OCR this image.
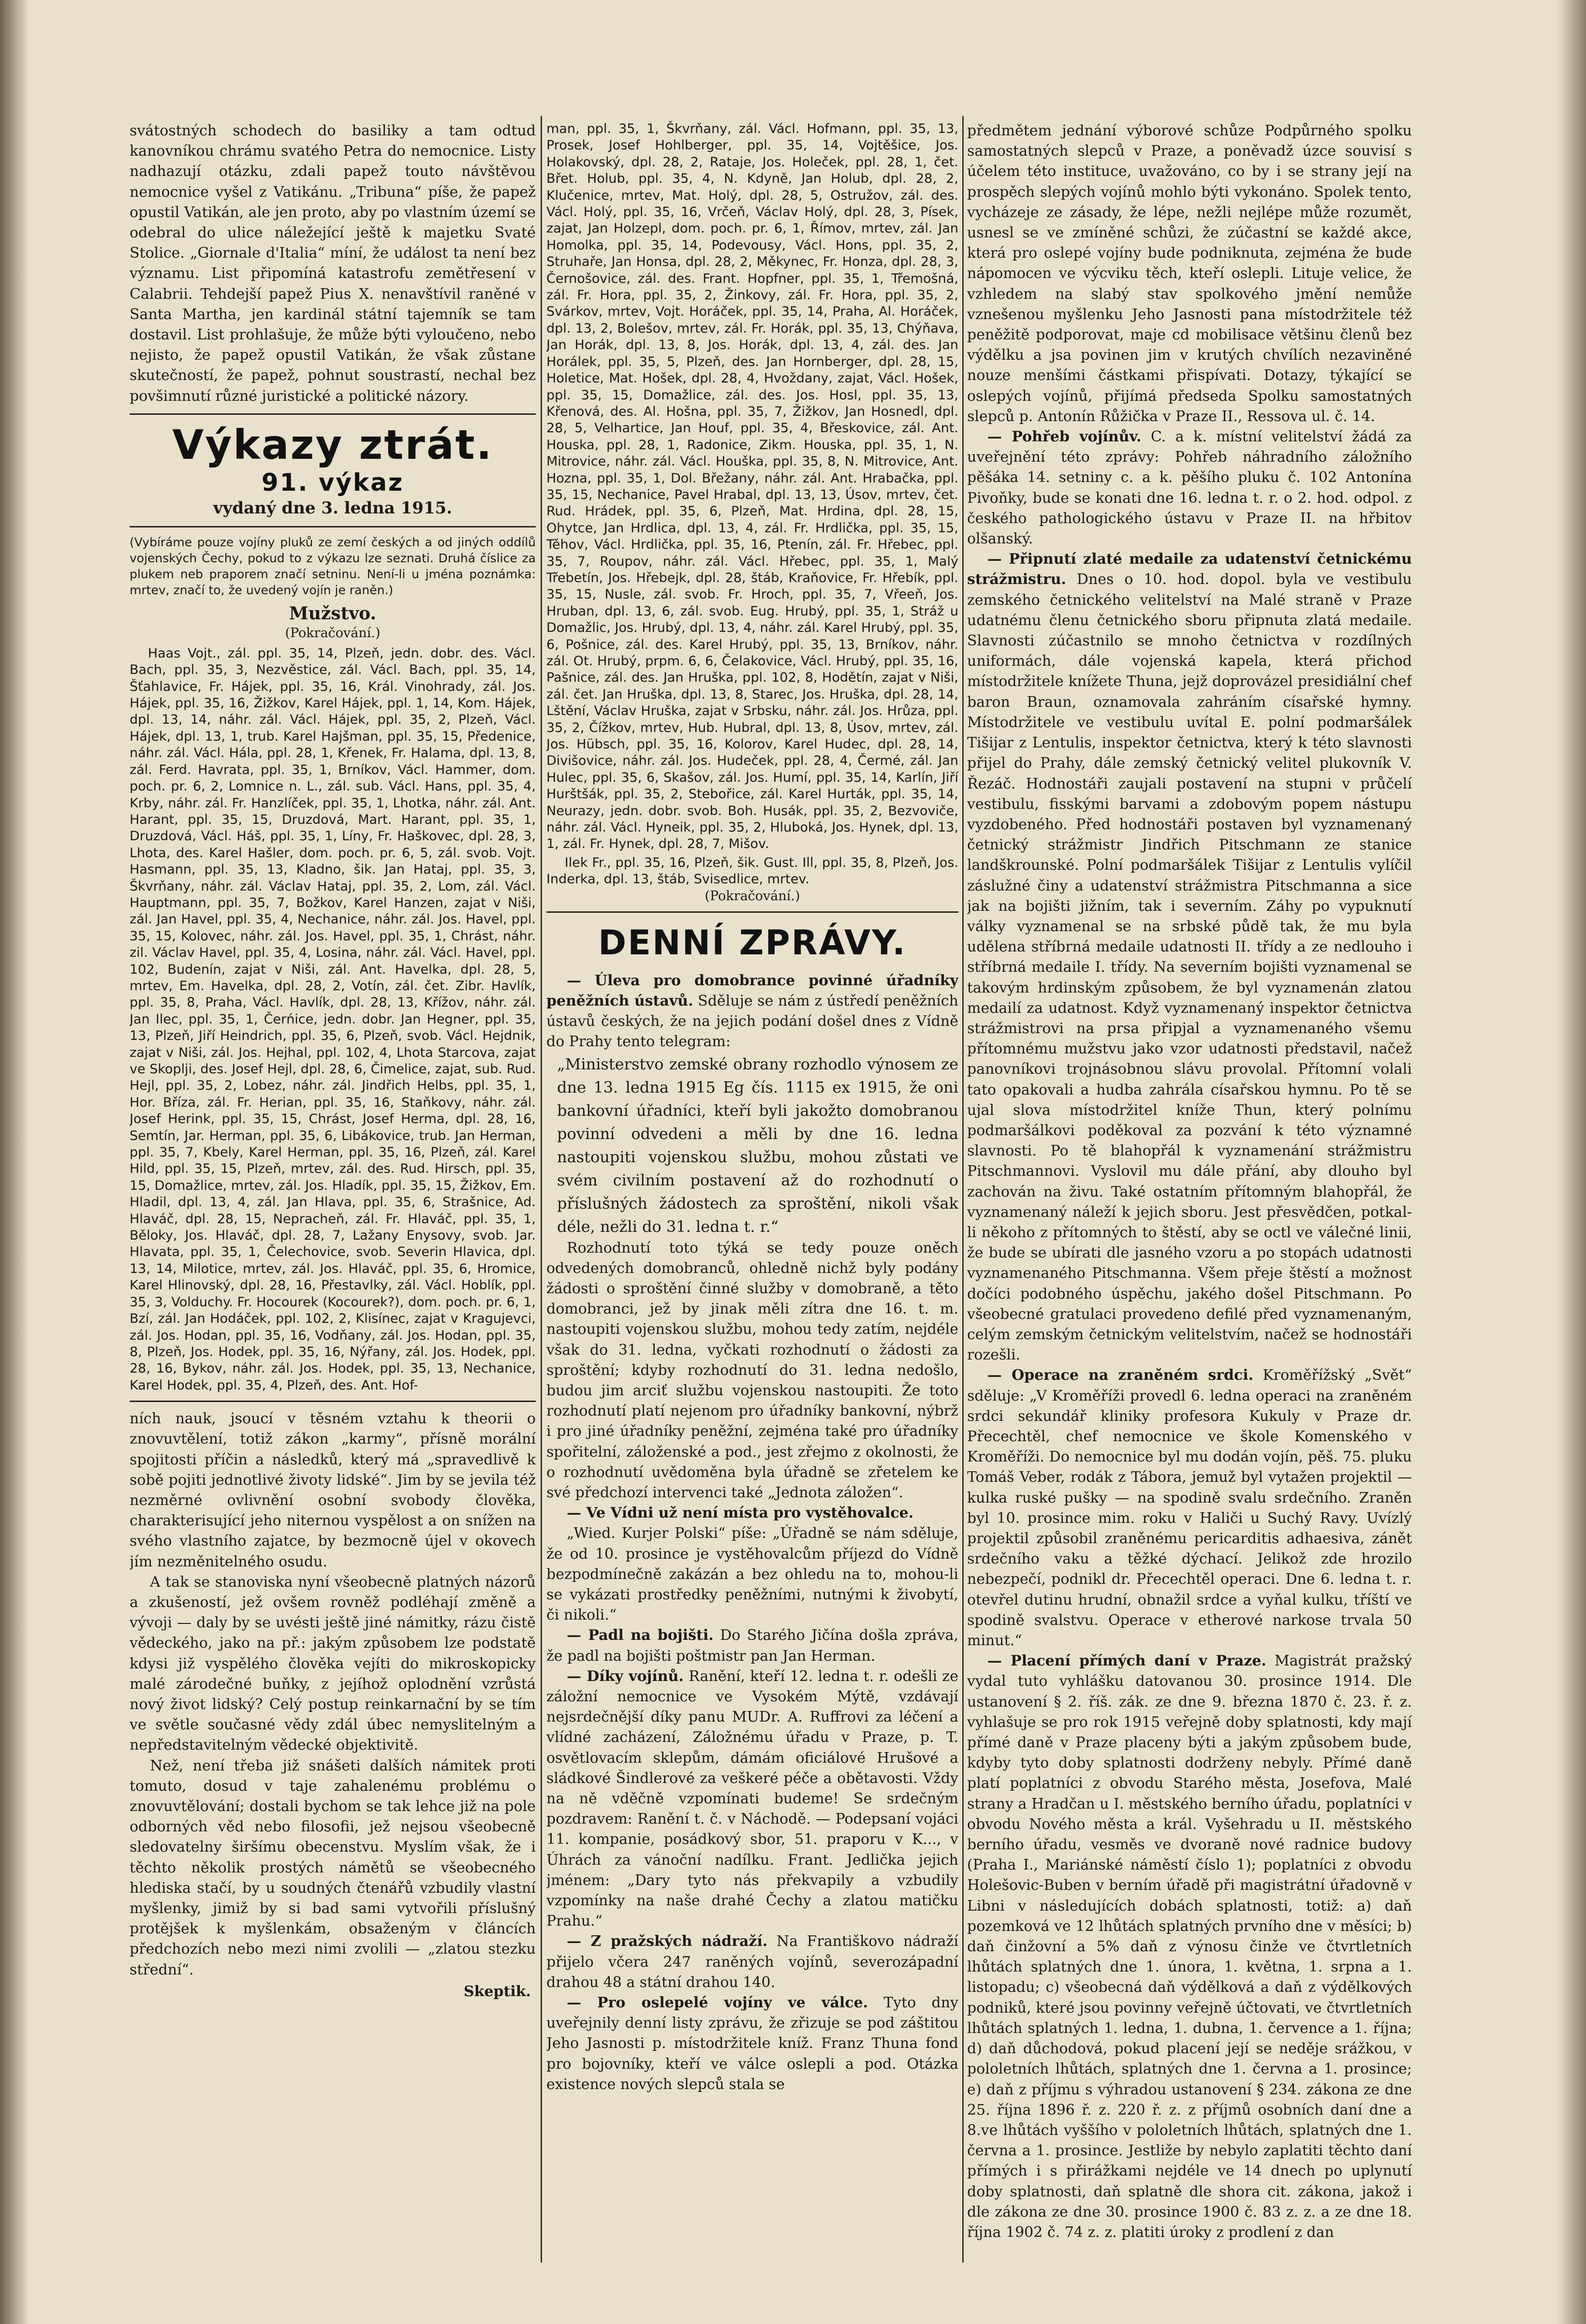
svátostných schodech do basiliky a tam odtud kanovníkou chrámu svatého Petra do nemocnice. Listy nadhazují otázku, zdali papež touto návštěvou nemocnice vyšel z Vatikánu. „Tribuna“ píše, že papež opustil Vatikán, ale jen proto, aby po vlastním území se odebral do ulice náležející ještě k majetku Svaté Stolice. „Giornale d'Italia“ míní, že událost ta není bez významu. List připomíná katastrofu zemětřesení v Calabrii. Tehdejší papež Pius X. nenavštívil raněné v Santa Martha, jen kardinál státní tajemník se tam dostavil. List prohlašuje, že může býti vyloučeno, nebo nejisto, že papež opustil Vatikán, že však zůstane skutečností, že papež, pohnut soustrastí, nechal bez povšimnutí různé juristické a politické názory.

Výkazy ztrát.
91. výkaz
vydaný dne 3. ledna 1915.

(Vybíráme pouze vojíny pluků ze zemí českých a od jiných oddílů vojenských Čechy, pokud to z výkazu lze seznati. Druhá číslice za plukem neb praporem značí setninu. Není-li u jména poznámka: mrtev, značí to, že uvedený vojín je raněn.)

Mužstvo.
(Pokračování.)

Haas Vojt., zál. ppl. 35, 14, Plzeň, jedn. dobr. des. Václ. Bach, ppl. 35, 3, Nezvěstice, zál. Václ. Bach, ppl. 35, 14, Šťahlavice, Fr. Hájek, ppl. 35, 16, Král. Vinohrady, zál. Jos. Hájek, ppl. 35, 16, Žižkov, Karel Hájek, ppl. 1, 14, Kom. Hájek, dpl. 13, 14, náhr. zál. Václ. Hájek, ppl. 35, 2, Plzeň, Václ. Hájek, dpl. 13, 1, trub. Karel Hajšman, ppl. 35, 15, Předenice, náhr. zál. Václ. Hála, ppl. 28, 1, Křenek, Fr. Halama, dpl. 13, 8, zál. Ferd. Havrata, ppl. 35, 1, Brníkov, Václ. Hammer, dom. poch. pr. 6, 2, Lomnice n. L., zál. sub. Václ. Hans, ppl. 35, 4, Krby, náhr. zál. Fr. Hanzlíček, ppl. 35, 1, Lhotka, náhr. zál. Ant. Harant, ppl. 35, 15, Druzdová, Mart. Harant, ppl. 35, 1, Druzdová, Václ. Háš, ppl. 35, 1, Líny, Fr. Haškovec, dpl. 28, 3, Lhota, des. Karel Hašler, dom. poch. pr. 6, 5, zál. svob. Vojt. Hasmann, ppl. 35, 13, Kladno, šik. Jan Hataj, ppl. 35, 3, Škvrňany, náhr. zál. Václav Hataj, ppl. 35, 2, Lom, zál. Václ. Hauptmann, ppl. 35, 7, Božkov, Karel Hanzen, zajat v Niši, zál. Jan Havel, ppl. 35, 4, Nechanice, náhr. zál. Jos. Havel, ppl. 35, 15, Kolovec, náhr. zál. Jos. Havel, ppl. 35, 1, Chrást, náhr. zil. Václav Havel, ppl. 35, 4, Losina, náhr. zál. Václ. Havel, ppl. 102, Budenín, zajat v Niši, zál. Ant. Havelka, dpl. 28, 5, mrtev, Em. Havelka, dpl. 28, 2, Votín, zál. čet. Zibr. Havlík, ppl. 35, 8, Praha, Václ. Havlík, dpl. 28, 13, Křížov, náhr. zál. Jan Ilec, ppl. 35, 1, Čerńice, jedn. dobr. Jan Hegner, ppl. 35, 13, Plzeň, Jiří Heindrich, ppl. 35, 6, Plzeň, svob. Václ. Hejdnik, zajat v Niši, zál. Jos. Hejhal, ppl. 102, 4, Lhota Starcova, zajat ve Skoplji, des. Josef Hejl, dpl. 28, 6, Čimelice, zajat, sub. Rud. Hejl, ppl. 35, 2, Lobez, náhr. zál. Jindřich Helbs, ppl. 35, 1, Hor. Bříza, zál. Fr. Herian, ppl. 35, 16, Staňkovy, náhr. zál. Josef Herink, ppl. 35, 15, Chrást, Josef Herma, dpl. 28, 16, Semtín, Jar. Herman, ppl. 35, 6, Libákovice, trub. Jan Herman, ppl. 35, 7, Kbely, Karel Herman, ppl. 35, 16, Plzeň, zál. Karel Hild, ppl. 35, 15, Plzeň, mrtev, zál. des. Rud. Hirsch, ppl. 35, 15, Domažlice, mrtev, zál. Jos. Hladík, ppl. 35, 15, Žižkov, Em. Hladil, dpl. 13, 4, zál. Jan Hlava, ppl. 35, 6, Strašnice, Ad. Hlaváč, dpl. 28, 15, Nepracheň, zál. Fr. Hlaváč, ppl. 35, 1, Běloky, Jos. Hlaváč, dpl. 28, 7, Lažany Enysovy, svob. Jar. Hlavata, ppl. 35, 1, Čelechovice, svob. Severin Hlavica, dpl. 13, 14, Milotice, mrtev, zál. Jos. Hlaváč, ppl. 35, 6, Hromice, Karel Hlinovský, dpl. 28, 16, Přestavlky, zál. Václ. Hoblík, ppl. 35, 3, Volduchy. Fr. Hocourek (Kocourek?), dom. poch. pr. 6, 1, Bzí, zál. Jan Hodáček, ppl. 102, 2, Klisínec, zajat v Kragujevci, zál. Jos. Hodan, ppl. 35, 16, Vodňany, zál. Jos. Hodan, ppl. 35, 8, Plzeň, Jos. Hodek, ppl. 35, 16, Nýřany, zál. Jos. Hodek, ppl. 28, 16, Bykov, náhr. zál. Jos. Hodek, ppl. 35, 13, Nechanice, Karel Hodek, ppl. 35, 4, Plzeň, des. Ant. Hof-

ních nauk, jsoucí v těsném vztahu k theorii o znovuvtělení, totiž zákon „karmy“, přísně morální spojitosti příčin a následků, který má „spravedlivě k sobě pojiti jednotlivé životy lidské“. Jim by se jevila též nezměrné ovlivnění osobní svobody člověka, charakterisující jeho niternou vyspělost a on snížen na svého vlastního zajatce, by bezmocně újel v okovech jím nezměnitelného osudu.

A tak se stanoviska nyní všeobecně platných názorů a zkušeností, jež ovšem rovněž podléhají změně a vývoji — daly by se uvésti ještě jiné námitky, rázu čistě vědeckého, jako na př.: jakým způsobem lze podstatě kdysi již vyspělého člověka vejíti do mikroskopicky malé zárodečné buňky, z jejíhož oplodnění vzrůstá nový život lidský? Celý postup reinkarnační by se tím ve světle současné vědy zdál úbec nemyslitelným a nepředstavitelným vědecké objektivitě.

Než, není třeba již snášeti dalších námitek proti tomuto, dosud v taje zahalenému problému o znovuvtělování; dostali bychom se tak lehce již na pole odborných věd nebo filosofii, jež nejsou všeobecně sledovatelny širšímu obecenstvu. Myslím však, že i těchto několik prostých námětů se všeobecného hlediska stačí, by u soudných čtenářů vzbudily vlastní myšlenky, jimiž by si bad sami vytvořili příslušný protějšek k myšlenkám, obsaženým v článcích předchozích nebo mezi nimi zvolili — „zlatou stezku střední“.

Skeptik.

man, ppl. 35, 1, Škvrňany, zál. Václ. Hofmann, ppl. 35, 13, Prosek, Josef Hohlberger, ppl. 35, 14, Vojtěšice, Jos. Holakovský, dpl. 28, 2, Rataje, Jos. Holeček, ppl. 28, 1, čet. Břet. Holub, ppl. 35, 4, N. Kdyně, Jan Holub, dpl. 28, 2, Klučenice, mrtev, Mat. Holý, dpl. 28, 5, Ostružov, zál. des. Václ. Holý, ppl. 35, 16, Vrčeň, Václav Holý, dpl. 28, 3, Písek, zajat, Jan Holzepl, dom. poch. pr. 6, 1, Římov, mrtev, zál. Jan Homolka, ppl. 35, 14, Podevousy, Václ. Hons, ppl. 35, 2, Struhaře, Jan Honsa, dpl. 28, 2, Měkynec, Fr. Honza, dpl. 28, 3, Černošovice, zál. des. Frant. Hopfner, ppl. 35, 1, Třemošná, zál. Fr. Hora, ppl. 35, 2, Žinkovy, zál. Fr. Hora, ppl. 35, 2, Svárkov, mrtev, Vojt. Horáček, ppl. 35, 14, Praha, Al. Horáček, dpl. 13, 2, Bolešov, mrtev, zál. Fr. Horák, ppl. 35, 13, Chýňava, Jan Horák, dpl. 13, 8, Jos. Horák, dpl. 13, 4, zál. des. Jan Horálek, ppl. 35, 5, Plzeň, des. Jan Hornberger, dpl. 28, 15, Holetice, Mat. Hošek, dpl. 28, 4, Hvoždany, zajat, Václ. Hošek, ppl. 35, 15, Domažlice, zál. des. Jos. Hosl, ppl. 35, 13, Křenová, des. Al. Hošna, ppl. 35, 7, Žižkov, Jan Hosnedl, dpl. 28, 5, Velhartice, Jan Houf, ppl. 35, 4, Břeskovice, zál. Ant. Houska, ppl. 28, 1, Radonice, Zikm. Houska, ppl. 35, 1, N. Mitrovice, náhr. zál. Václ. Houška, ppl. 35, 8, N. Mitrovice, Ant. Hozna, ppl. 35, 1, Dol. Břežany, náhr. zál. Ant. Hrabačka, ppl. 35, 15, Nechanice, Pavel Hrabal, dpl. 13, 13, Úsov, mrtev, čet. Rud. Hrádek, ppl. 35, 6, Plzeň, Mat. Hrdina, dpl. 28, 15, Ohytce, Jan Hrdlica, dpl. 13, 4, zál. Fr. Hrdlička, ppl. 35, 15, Těhov, Václ. Hrdlička, ppl. 35, 16, Ptenín, zál. Fr. Hřebec, ppl. 35, 7, Roupov, náhr. zál. Václ. Hřebec, ppl. 35, 1, Malý Třebetín, Jos. Hřebejk, dpl. 28, štáb, Kraňovice, Fr. Hřebík, ppl. 35, 15, Nusle, zál. svob. Fr. Hroch, ppl. 35, 7, Vřeeň, Jos. Hruban, dpl. 13, 6, zál. svob. Eug. Hrubý, ppl. 35, 1, Stráž u Domažlic, Jos. Hrubý, dpl. 13, 4, náhr. zál. Karel Hrubý, ppl. 35, 6, Pošnice, zál. des. Karel Hrubý, ppl. 35, 13, Brníkov, náhr. zál. Ot. Hrubý, prpm. 6, 6, Čelakovice, Václ. Hrubý, ppl. 35, 16, Pašnice, zál. des. Jan Hruška, ppl. 102, 8, Hodětín, zajat v Niši, zál. čet. Jan Hruška, dpl. 13, 8, Starec, Jos. Hruška, dpl. 28, 14, Lštění, Václav Hruška, zajat v Srbsku, náhr. zál. Jos. Hrůza, ppl. 35, 2, Čížkov, mrtev, Hub. Hubral, dpl. 13, 8, Úsov, mrtev, zál. Jos. Hübsch, ppl. 35, 16, Kolorov, Karel Hudec, dpl. 28, 14, Divišovice, náhr. zál. Jos. Hudeček, ppl. 28, 4, Čermé, zál. Jan Hulec, ppl. 35, 6, Skašov, zál. Jos. Humí, ppl. 35, 14, Karlín, Jiří Hurštšák, ppl. 35, 2, Stebořice, zál. Karel Hurták, ppl. 35, 14, Neurazy, jedn. dobr. svob. Boh. Husák, ppl. 35, 2, Bezvoviče, náhr. zál. Václ. Hyneik, ppl. 35, 2, Hluboká, Jos. Hynek, dpl. 13, 1, zál. Fr. Hynek, dpl. 28, 7, Mišov.

Ilek Fr., ppl. 35, 16, Plzeň, šik. Gust. Ill, ppl. 35, 8, Plzeň, Jos. Inderka, dpl. 13, štáb, Svisedlice, mrtev.

(Pokračování.)
DENNÍ ZPRÁVY.

— Úleva pro domobrance povinné úřadníky peněžních ústavů. Sděluje se nám z ústředí peněžních ústavů českých, že na jejich podání došel dnes z Vídně do Prahy tento telegram:

„Ministerstvo zemské obrany rozhodlo výnosem ze dne 13. ledna 1915 Eg čís. 1115 ex 1915, že oni bankovní úřadníci, kteří byli jakožto domobranou povinní odvedeni a měli by dne 16. ledna nastoupiti vojenskou službu, mohou zůstati ve svém civilním postavení až do rozhodnutí o příslušných žádostech za sproštění, nikoli však déle, nežli do 31. ledna t. r.“

Rozhodnutí toto týká se tedy pouze oněch odvedených domobranců, ohledně nichž byly podány žádosti o sproštění činné služby v domobraně, a těto domobranci, jež by jinak měli zítra dne 16. t. m. nastoupiti vojenskou službu, mohou tedy zatím, nejdéle však do 31. ledna, vyčkati rozhodnutí o žádosti za sproštění; kdyby rozhodnutí do 31. ledna nedošlo, budou jim arciť službu vojenskou nastoupiti. Že toto rozhodnutí platí nejenom pro úřadníky bankovní, nýbrž i pro jiné úřadníky peněžní, zejména také pro úřadníky spořitelní, záloženské a pod., jest zřejmo z okolnosti, že o rozhodnutí uvědoměna byla úřadně se zřetelem ke své předchozí intervenci také „Jednota záložen“.

— Ve Vídni už není místa pro vystěhovalce.

„Wied. Kurjer Polski“ píše: „Úřadně se nám sděluje, že od 10. prosince je vystěhovalcům příjezd do Vídně bezpodmínečně zakázán a bez ohledu na to, mohou-li se vykázati prostředky peněžními, nutnými k živobytí, či nikoli.“

— Padl na bojišti. Do Starého Jičína došla zpráva, že padl na bojišti poštmistr pan Jan Herman.

— Díky vojínů. Ranění, kteří 12. ledna t. r. odešli ze záložní nemocnice ve Vysokém Mýtě, vzdávají nejsrdečnější díky panu MUDr. A. Ruffrovi za léčení a vlídné zacházení, Záložnému úřadu v Praze, p. T. osvětlovacím sklepům, dámám oficiálové Hrušové a sládkové Šindlerové za veškeré péče a obětavosti. Vždy na ně vděčně vzpomínati budeme! Se srdečným pozdravem: Ranění t. č. v Náchodě. — Podepsaní vojáci 11. kompanie, posádkový sbor, 51. praporu v K..., v Úhrách za vánoční nadílku. Frant. Jedlička jejich jménem: „Dary tyto nás překvapily a vzbudily vzpomínky na naše drahé Čechy a zlatou matičku Prahu.“

— Z pražských nádraží. Na Františkovo nádraží přijelo včera 247 raněných vojínů, severozápadní drahou 48 a státní drahou 140.

— Pro oslepelé vojíny ve válce. Tyto dny uveřejnily denní listy zprávu, že zřizuje se pod záštitou Jeho Jasnosti p. místodržitele kníž. Franz Thuna fond pro bojovníky, kteří ve válce oslepli a pod. Otázka existence nových slepců stala se

předmětem jednání výborové schůze Podpůrného spolku samostatných slepců v Praze, a poněvadž úzce souvisí s účelem této instituce, uvažováno, co by i se strany její na prospěch slepých vojínů mohlo býti vykonáno. Spolek tento, vycházeje ze zásady, že lépe, nežli nejlépe může rozumět, usnesl se ve zmíněné schůzi, že zúčastní se každé akce, která pro oslepé vojíny bude podniknuta, zejména že bude nápomocen ve výcviku těch, kteří oslepli. Lituje velice, že vzhledem na slabý stav spolkového jmění nemůže vznešenou myšlenku Jeho Jasnosti pana místodržitele též peněžitě podporovat, maje cd mobilisace většinu členů bez výdělku a jsa povinen jim v krutých chvílích nezaviněné nouze menšími částkami přispívati. Dotazy, týkající se oslepých vojínů, přijímá předseda Spolku samostatných slepců p. Antonín Růžička v Praze II., Ressova ul. č. 14.

— Pohřeb vojínův. C. a k. místní velitelství žádá za uveřejnění této zprávy: Pohřeb náhradního záložního pěšáka 14. setniny c. a k. pěšího pluku č. 102 Antonína Pivoňky, bude se konati dne 16. ledna t. r. o 2. hod. odpol. z českého pathologického ústavu v Praze II. na hřbitov olšanský.

— Připnutí zlaté medaile za udatenství četnickému strážmistru. Dnes o 10. hod. dopol. byla ve vestibulu zemského četnického velitelství na Malé straně v Praze udatnému členu četnického sboru připnuta zlatá medaile. Slavnosti zúčastnilo se mnoho četnictva v rozdílných uniformách, dále vojenská kapela, která přichod místodržitele knížete Thuna, jejž doprovázel presidiální chef baron Braun, oznamovala zahráním císařské hymny. Místodržitele ve vestibulu uvítal E. polní podmaršálek Tišijar z Lentulis, inspektor četnictva, který k této slavnosti přijel do Prahy, dále zemský četnický velitel plukovník V. Řezáč. Hodnostáři zaujali postavení na stupni v průčelí vestibulu, fisskými barvami a zdobovým popem nástupu vyzdobeného. Před hodnostáři postaven byl vyznamenaný četnický strážmistr Jindřich Pitschmann ze stanice landškrounské. Polní podmaršálek Tišijar z Lentulis vylíčil záslužné činy a udatenství strážmistra Pitschmanna a sice jak na bojišti jižním, tak i severním. Záhy po vypuknutí války vyznamenal se na srbské půdě tak, že mu byla udělena stříbrná medaile udatnosti II. třídy a ze nedlouho i stříbrná medaile I. třídy. Na severním bojišti vyznamenal se takovým hrdinským způsobem, že byl vyznamenán zlatou medailí za udatnost. Když vyznamenaný inspektor četnictva strážmistrovi na prsa připjal a vyznamenaného všemu přítomnému mužstvu jako vzor udatnosti představil, načež panovníkovi trojnásobnou slávu provolal. Přítomní volali tato opakovali a hudba zahrála císařskou hymnu. Po tě se ujal slova místodržitel kníže Thun, který polnímu podmaršálkovi poděkoval za pozvání k této významné slavnosti. Po tě blahopřál k vyznamenání strážmistru Pitschmannovi. Vyslovil mu dále přání, aby dlouho byl zachován na živu. Také ostatním přítomným blahopřál, že vyznamenaný náleží k jejich sboru. Jest přesvědčen, potkal-li někoho z přítomných to štěstí, aby se octl ve válečné linii, že bude se ubírati dle jasného vzoru a po stopách udatnosti vyznamenaného Pitschmanna. Všem přeje štěstí a možnost dočíci podobného úspěchu, jakého došel Pitschmann. Po všeobecné gratulaci provedeno defilé před vyznamenaným, celým zemským četnickým velitelstvím, načež se hodnostáři rozešli.

— Operace na zraněném srdci. Kroměřížský „Svět“ sděluje: „V Kroměříži provedl 6. ledna operaci na zraněném srdci sekundář kliniky profesora Kukuly v Praze dr. Přecechtěl, chef nemocnice ve škole Komenského v Kroměříži. Do nemocnice byl mu dodán vojín, pěš. 75. pluku Tomáš Veber, rodák z Tábora, jemuž byl vytažen projektil — kulka ruské pušky — na spodině svalu srdečního. Zraněn byl 10. prosince mim. roku v Haliči u Suchý Ravy. Uvízlý projektil způsobil zraněnému pericarditis adhaesiva, zánět srdečního vaku a těžké dýchací. Jelikož zde hrozilo nebezpečí, podnikl dr. Přecechtěl operaci. Dne 6. ledna t. r. otevřel dutinu hrudní, obnažil srdce a vyňal kulku, tříští ve spodině svalstvu. Operace v etherové narkose trvala 50 minut.“

— Placení přímých daní v Praze. Magistrát pražský vydal tuto vyhlášku datovanou 30. prosince 1914. Dle ustanovení § 2. říš. zák. ze dne 9. března 1870 č. 23. ř. z. vyhlašuje se pro rok 1915 veřejně doby splatnosti, kdy mají přímé daně v Praze placeny býti a jakým způsobem bude, kdyby tyto doby splatnosti dodrženy nebyly. Přímé daně platí poplatníci z obvodu Starého města, Josefova, Malé strany a Hradčan u I. městského berního úřadu, poplatníci v obvodu Nového města a král. Vyšehradu u II. městského berního úřadu, vesměs ve dvoraně nové radnice budovy (Praha I., Mariánské náměstí číslo 1); poplatníci z obvodu Holešovic-Buben v berním úřadě při magistrátní úřadovně v Libni v následujících dobách splatnosti, totiž: a) daň pozemková ve 12 lhůtách splatných prvního dne v měsíci; b) daň činžovní a 5% daň z výnosu činže ve čtvrtletních lhůtách splatných dne 1. února, 1. května, 1. srpna a 1. listopadu; c) všeobecná daň výdělková a daň z výdělkových podniků, které jsou povinny veřejně účtovati, ve čtvrtletních lhůtách splatných 1. ledna, 1. dubna, 1. července a 1. října; d) daň důchodová, pokud placení její se neděje srážkou, v pololetních lhůtách, splatných dne 1. června a 1. prosince; e) daň z příjmu s výhradou ustanovení § 234. zákona ze dne 25. října 1896 ř. z. 220 ř. z. z příjmů osobních daní dne a 8.ve lhůtách vyššího v pololetních lhůtách, splatných dne 1. června a 1. prosince. Jestliže by nebylo zaplatiti těchto daní přímých i s přirážkami nejdéle ve 14 dnech po uplynutí doby splatnosti, daň splatně dle shora cit. zákona, jakož i dle zákona ze dne 30. prosince 1900 č. 83 z. z. a ze dne 18. října 1902 č. 74 z. z. platiti úroky z prodlení z dan
